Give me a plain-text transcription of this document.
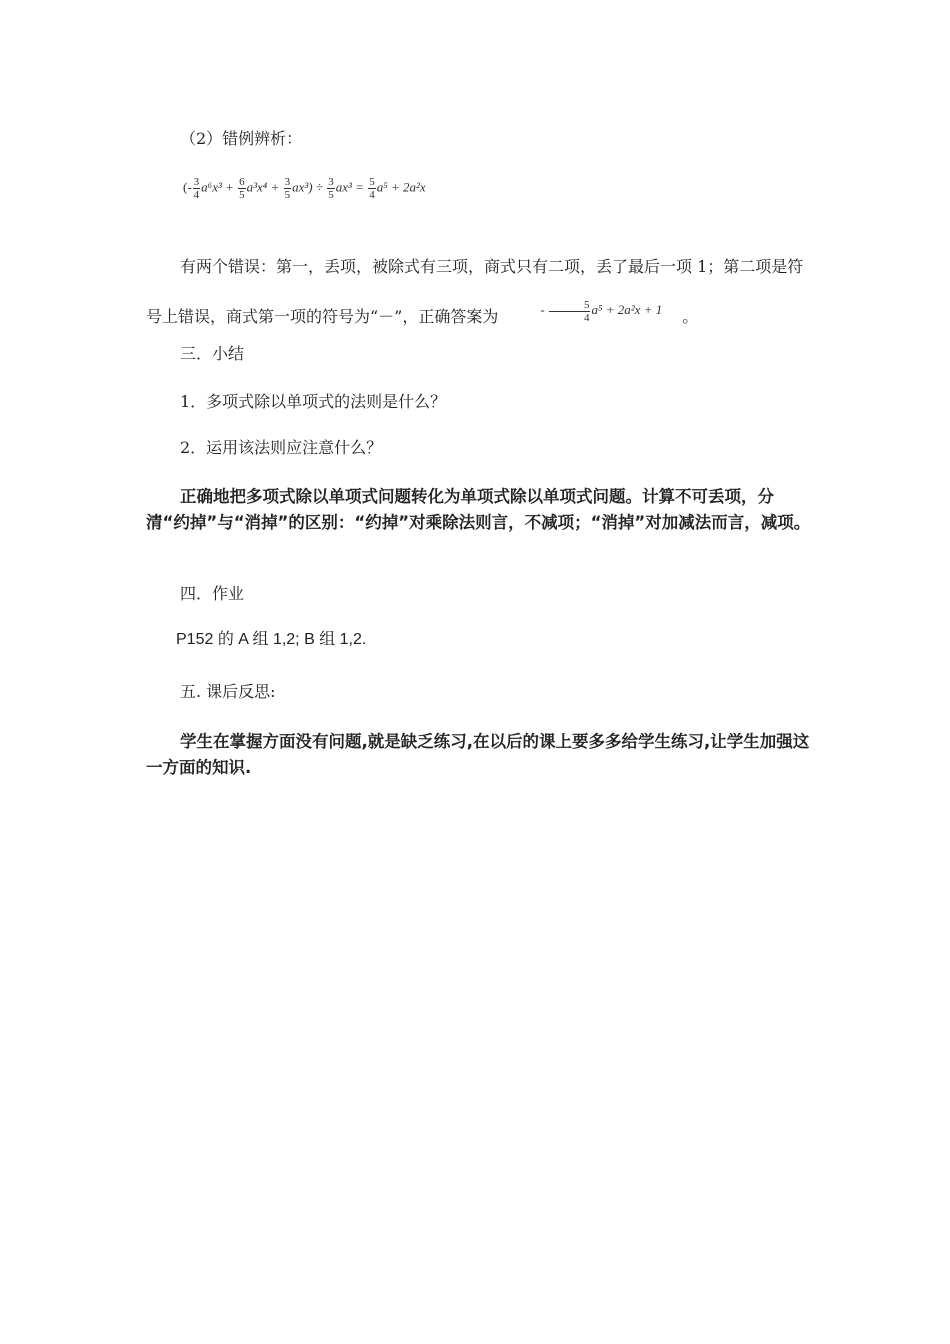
（2）错例辨析：
(- $\frac{3}{4} a^6x^3 + \frac{6}{5} a^3x^4 + \frac{3}{5} ax^3) \div \frac{3}{5} ax^3 = \frac{5}{4} a^5 + 2a^2x$
有两个错误：第一，丢项，被除式有三项，商式只有二项，丢了最后一项 1；第二项是符号上错误，商式第一项的符号为“－”，正确答案为	- $\frac{5}{4} a^5 + 2a^2x + 1$ 。
三．小结
1．多项式除以单项式的法则是什么？
2．运用该法则应注意什么？
正确地把多项式除以单项式问题转化为单项式除以单项式问题。计算不可丢项，分清“约掉”与“消掉”的区别：“约掉”对乘除法则言，不减项；“消掉”对加减法而言，减项。
四．作业
P152 的 A 组 1,2; B 组 1,2.
五. 课后反思:
学生在掌握方面没有问题,就是缺乏练习,在以后的课上要多多给学生练习,让学生加强这一方面的知识.
